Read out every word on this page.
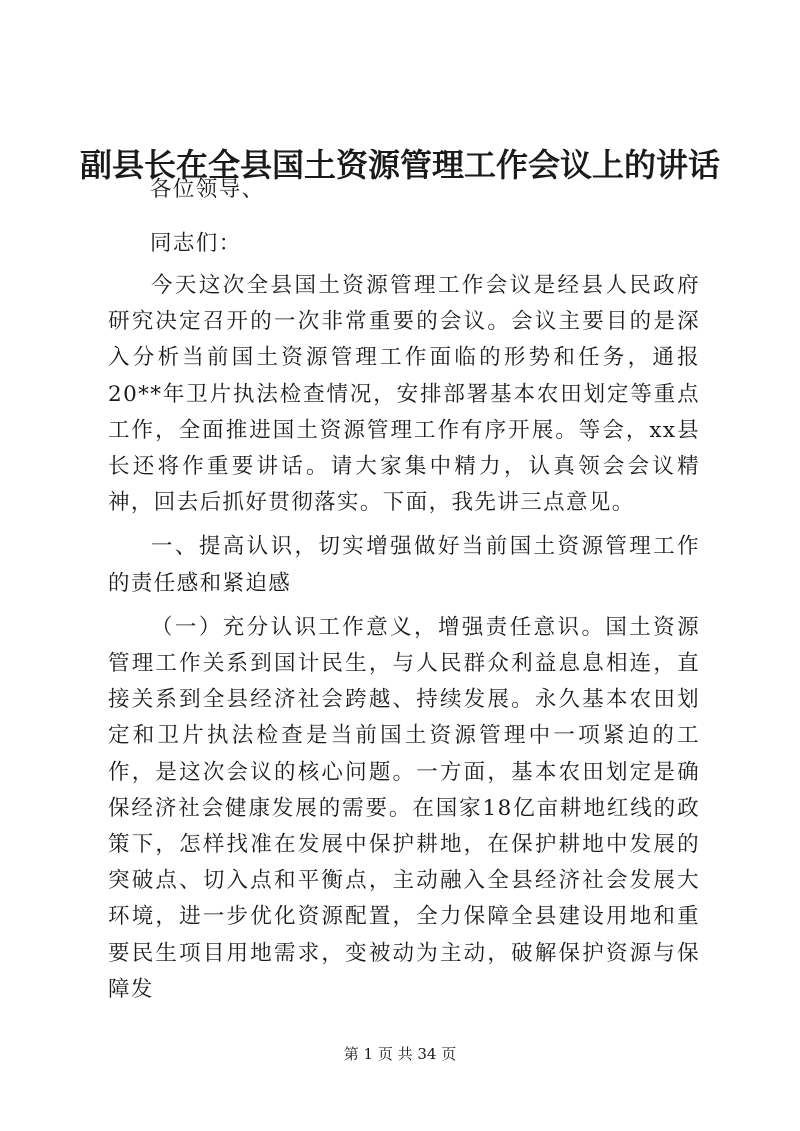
副县长在全县国土资源管理工作会议上的讲话
各位领导、
同志们：

今天这次全县国土资源管理工作会议是经县人民政府研究决定召开的一次非常重要的会议。会议主要目的是深入分析当前国土资源管理工作面临的形势和任务，通报20**年卫片执法检查情况，安排部署基本农田划定等重点工作，全面推进国土资源管理工作有序开展。等会，xx县长还将作重要讲话。请大家集中精力，认真领会会议精神，回去后抓好贯彻落实。下面，我先讲三点意见。

一、提高认识，切实增强做好当前国土资源管理工作的责任感和紧迫感

（一）充分认识工作意义，增强责任意识。国土资源管理工作关系到国计民生，与人民群众利益息息相连，直接关系到全县经济社会跨越、持续发展。永久基本农田划定和卫片执法检查是当前国土资源管理中一项紧迫的工作，是这次会议的核心问题。一方面，基本农田划定是确保经济社会健康发展的需要。在国家18亿亩耕地红线的政策下，怎样找准在发展中保护耕地，在保护耕地中发展的突破点、切入点和平衡点，主动融入全县经济社会发展大环境，进一步优化资源配置，全力保障全县建设用地和重要民生项目用地需求，变被动为主动，破解保护资源与保障发

第 1 页 共 34 页
